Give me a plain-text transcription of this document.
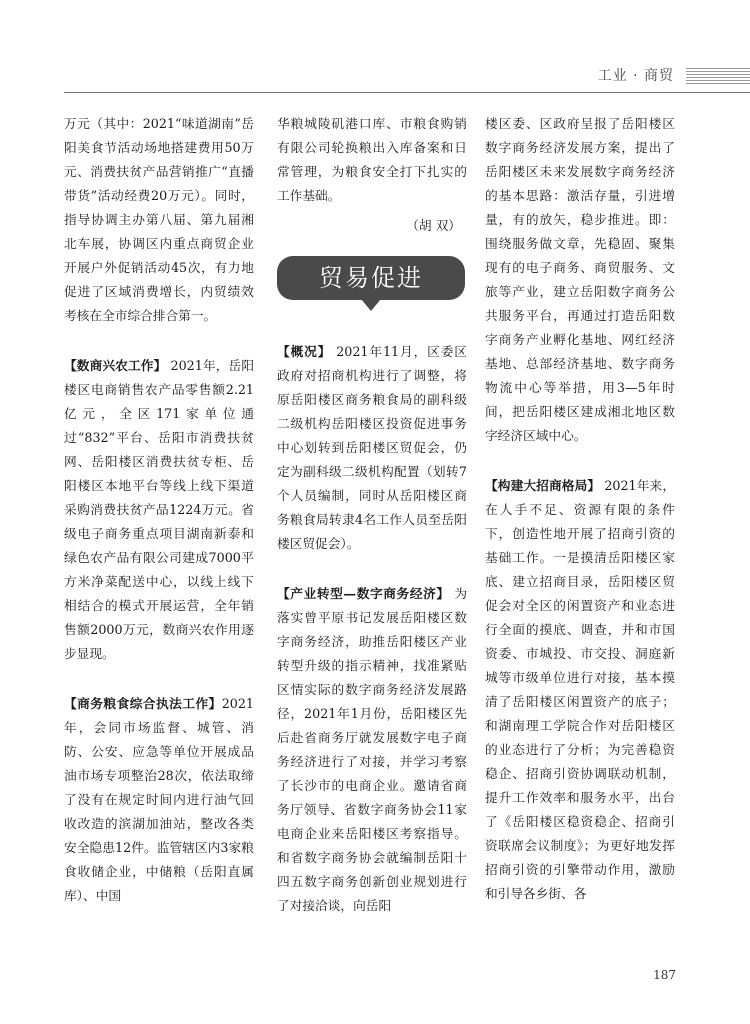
工业 · 商贸

万元（其中：2021“味道湖南”岳阳美食节活动场地搭建费用50万元、消费扶贫产品营销推广“直播带货”活动经费20万元）。同时，指导协调主办第八届、第九届湘北车展，协调区内重点商贸企业开展户外促销活动45次，有力地促进了区域消费增长，内贸绩效考核在全市综合排合第一。

【数商兴农工作】 2021年，岳阳楼区电商销售农产品零售额2.21亿元，全区171家单位通过“832”平台、岳阳市消费扶贫网、岳阳楼区消费扶贫专柜、岳阳楼区本地平台等线上线下渠道采购消费扶贫产品1224万元。省级电子商务重点项目湖南新泰和绿色农产品有限公司建成7000平方米净菜配送中心，以线上线下相结合的模式开展运营，全年销售额2000万元，数商兴农作用逐步显现。

【商务粮食综合执法工作】2021年，会同市场监督、城管、消防、公安、应急等单位开展成品油市场专项整治28次，依法取缔了没有在规定时间内进行油气回收改造的滨湖加油站，整改各类安全隐患12件。监管辖区内3家粮食收储企业，中储粮（岳阳直属库）、中国

华粮城陵矶港口库、市粮食购销有限公司轮换粮出入库备案和日常管理，为粮食安全打下扎实的工作基础。

（胡 双）

贸易促进

【概况】 2021年11月，区委区政府对招商机构进行了调整，将原岳阳楼区商务粮食局的副科级二级机构岳阳楼区投资促进事务中心划转到岳阳楼区贸促会，仍定为副科级二级机构配置（划转7个人员编制，同时从岳阳楼区商务粮食局转隶4名工作人员至岳阳楼区贸促会）。

【产业转型—数字商务经济】 为落实曾平原书记发展岳阳楼区数字商务经济，助推岳阳楼区产业转型升级的指示精神，找准紧贴区情实际的数字商务经济发展路径，2021年1月份，岳阳楼区先后赴省商务厅就发展数字电子商务经济进行了对接，并学习考察了长沙市的电商企业。邀请省商务厅领导、省数字商务协会11家电商企业来岳阳楼区考察指导。和省数字商务协会就编制岳阳十四五数字商务创新创业规划进行了对接洽谈，向岳阳

楼区委、区政府呈报了岳阳楼区数字商务经济发展方案，提出了岳阳楼区未来发展数字商务经济的基本思路：激活存量，引进增量，有的放矢，稳步推进。即：围绕服务做文章，先稳固、聚集现有的电子商务、商贸服务、文旅等产业，建立岳阳数字商务公共服务平台，再通过打造岳阳数字商务产业孵化基地、网红经济基地、总部经济基地、数字商务物流中心等举措，用3—5年时间，把岳阳楼区建成湘北地区数字经济区域中心。

【构建大招商格局】 2021年来，在人手不足、资源有限的条件下，创造性地开展了招商引资的基础工作。一是摸清岳阳楼区家底、建立招商目录，岳阳楼区贸促会对全区的闲置资产和业态进行全面的摸底、调查，并和市国资委、市城投、市交投、洞庭新城等市级单位进行对接，基本摸清了岳阳楼区闲置资产的底子；和湖南理工学院合作对岳阳楼区的业态进行了分析；为完善稳资稳企、招商引资协调联动机制，提升工作效率和服务水平，出台了《岳阳楼区稳资稳企、招商引资联席会议制度》；为更好地发挥招商引资的引擎带动作用，激励和引导各乡街、各

187
